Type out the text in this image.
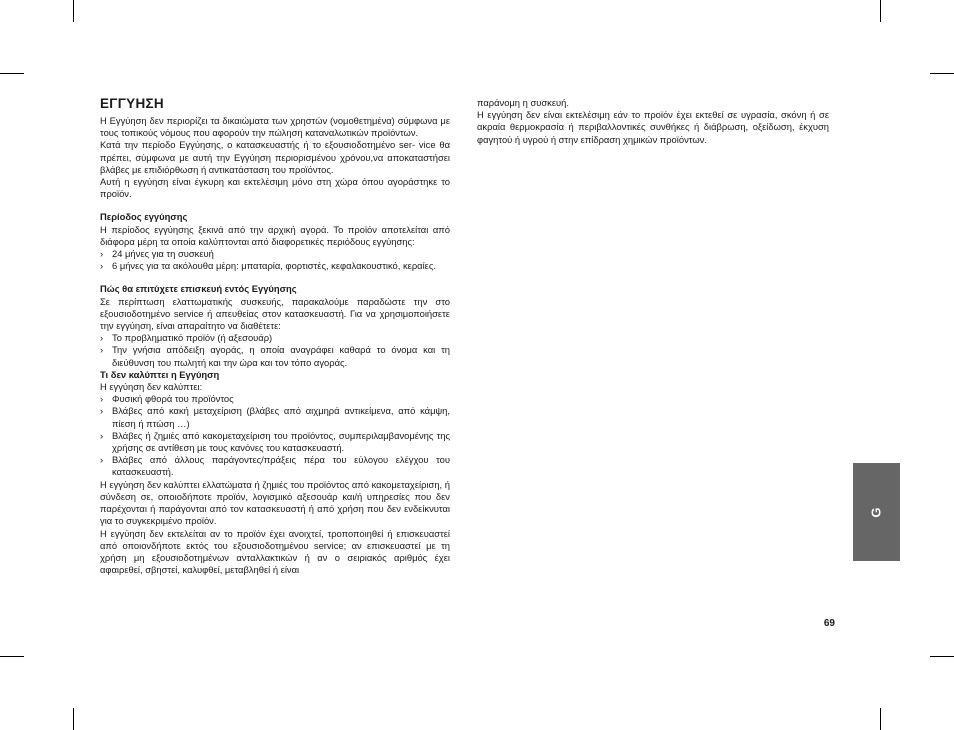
ΕΓΓΥΗΣΗ

Η Εγγύηση δεν περιορίζει τα δικαιώματα των χρηστών (νομοθετημένα) σύμφωνα με τους τοπικούς νόμους που αφορούν την πώληση καταναλωτικών προϊόντων.

Κατά την περίοδο Εγγύησης, ο κατασκευαστής ή το εξουσιοδοτημένο ser- vice θα πρέπει, σύμφωνα με αυτή την Εγγύηση περιορισμένου χρόνου,να αποκαταστήσει βλάβες με επιδιόρθωση ή αντικατάσταση του προϊόντος.

Αυτή η εγγύηση είναι έγκυρη και εκτελέσιμη μόνο στη χώρα όπου αγοράστηκε το προϊόν.

Περίοδος εγγύησης

Η περίοδος εγγύησης ξεκινά από την αρχική αγορά. Το προϊόν αποτελείται από διάφορα μέρη τα οποία καλύπτονται από διαφορετικές περιόδους εγγύησης:

› 24 μήνες για τη συσκευή
› 6 μήνες για τα ακόλουθα μέρη: μπαταρία, φορτιστές, κεφαλακουστικό, κεραίες.
Πώς θα επιτύχετε επισκευή εντός Εγγύησης

Σε περίπτωση ελαττωματικής συσκευής, παρακαλούμε παραδώστε την στο εξουσιοδοτημένο service ή απευθείας στον κατασκευαστή. Για να χρησιμοποιήσετε την εγγύηση, είναι απαραίτητο να διαθέτετε:

› Το προβληματικό προϊόν (ή αξεσουάρ)
› Την γνήσια απόδειξη αγοράς, η οποία αναγράφει καθαρά το όνομα και τη διεύθυνση του πωλητή και την ώρα και τον τόπο αγοράς.
Τι δεν καλύπτει η Εγγύηση

Η εγγύηση δεν καλύπτει:

› Φυσική φθορά του προϊόντος
› Βλάβες από κακή μεταχείριση (βλάβες από αιχμηρά αντικείμενα, από κάμψη, πίεση ή πτώση …)
› Βλάβες ή ζημιές από κακομεταχείριση του προϊόντος, συμπεριλαμβανομένης της χρήσης σε αντίθεση με τους κανόνες του κατασκευαστή.
› Βλάβες από άλλους παράγοντες/πράξεις πέρα του εύλογου ελέγχου του κατασκευαστή.

Η εγγύηση δεν καλύπτει ελλατώματα ή ζημιές του προϊόντος από κακομεταχείριση, ή σύνδεση σε, οποιοδήποτε προϊόν, λογισμικό αξεσουάρ και/ή υπηρεσίες που δεν παρέχονται ή παράγονται από τον κατασκευαστή ή από χρήση που δεν ενδείκνυται για το συγκεκριμένο προϊόν.

Η εγγύηση δεν εκτελείται αν το προϊόν έχει ανοιχτεί, τροποποιηθεί ή επισκευαστεί από οποιονδήποτε εκτός του εξουσιοδοτημένου service; αν επισκευαστεί με τη χρήση μη εξουσιοδοτημένων ανταλλακτικών ή αν ο σειριακός αριθμός έχει αφαιρεθεί, σβηστεί, καλυφθεί, μεταβληθεί ή είναι

παράνομη η συσκευή.

Η εγγύηση δεν είναι εκτελέσιμη εάν το προϊόν έχει εκτεθεί σε υγρασία, σκόνη ή σε ακραία θερμοκρασία ή περιβαλλοντικές συνθήκες ή διάβρωση, οξείδωση, έκχυση φαγητού ή υγρού ή στην επίδραση χημικών προϊόντων.

G
69
